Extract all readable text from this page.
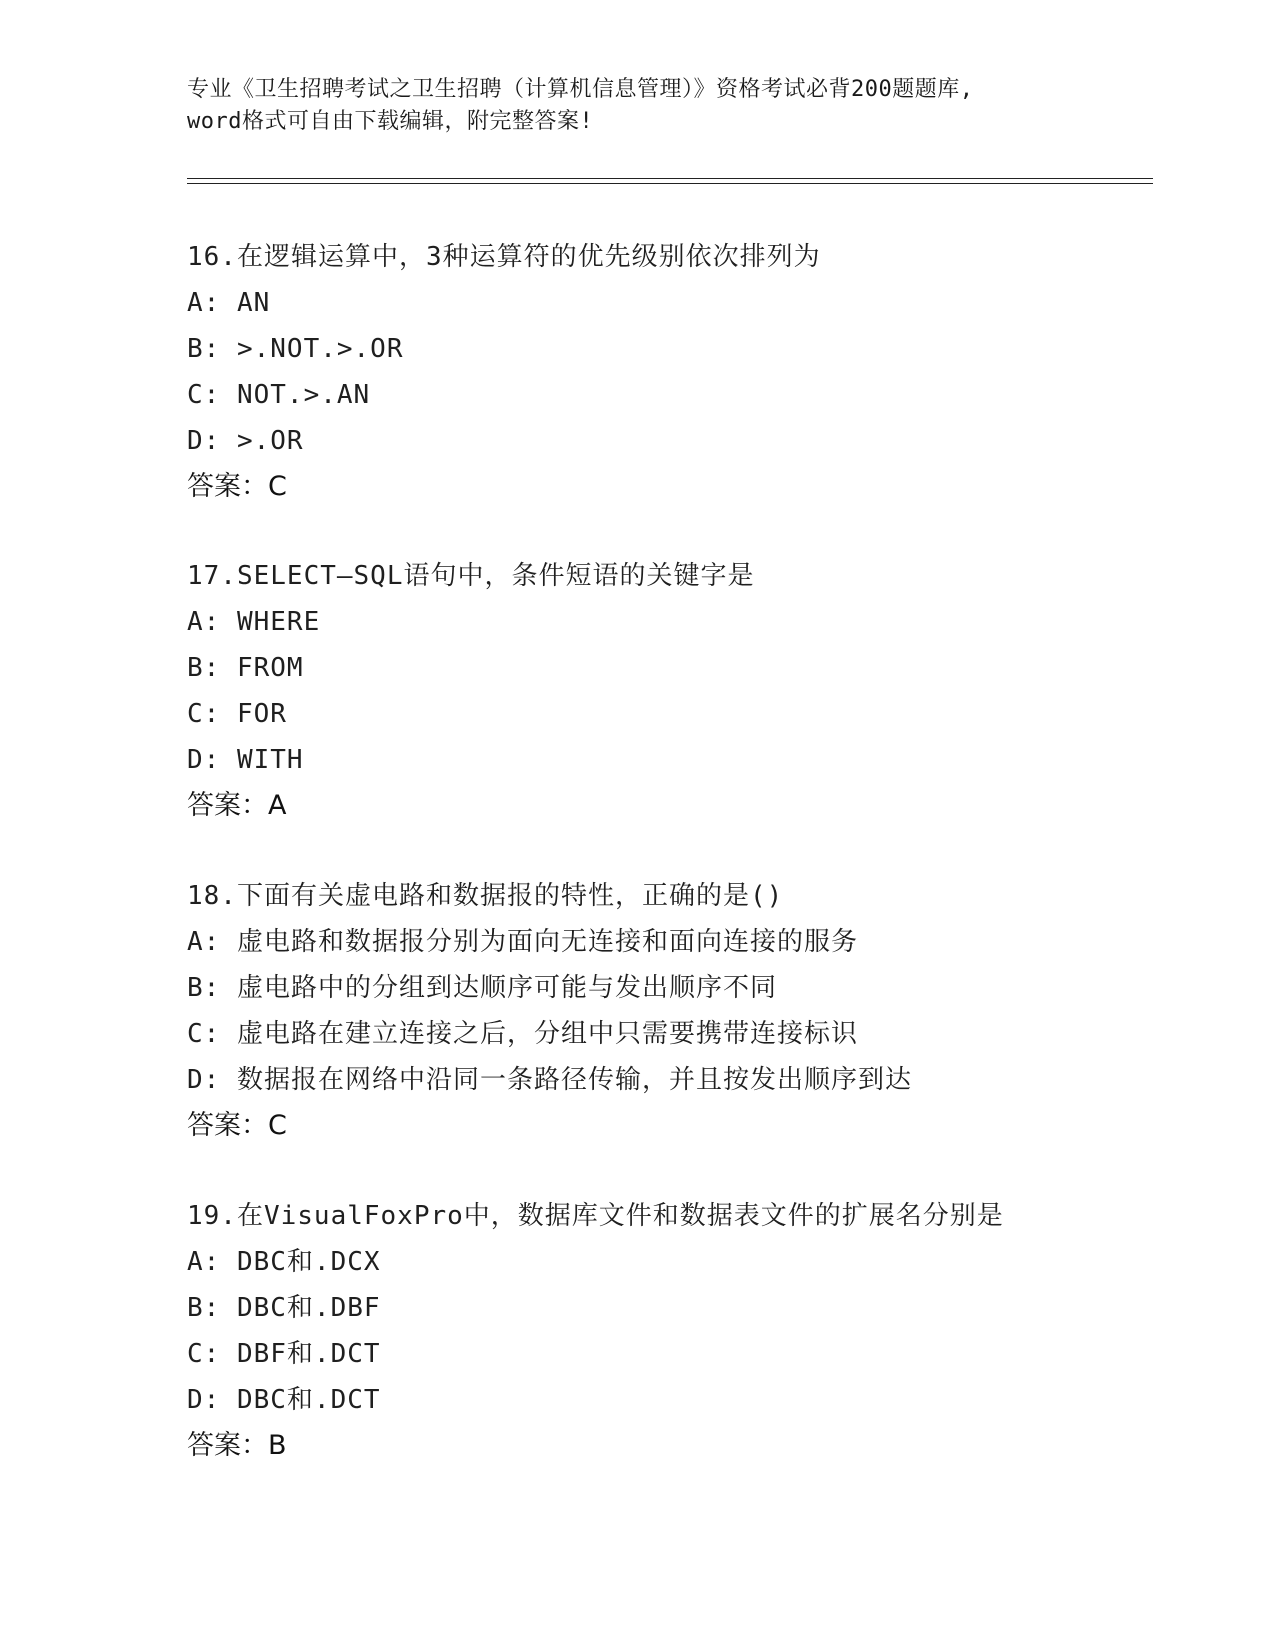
专业《卫生招聘考试之卫生招聘（计算机信息管理）》资格考试必背200题题库,
word格式可自由下载编辑，附完整答案!
16.在逻辑运算中，3种运算符的优先级别依次排列为
A: AN
B: >.NOT.>.OR
C: NOT.>.AN
D: >.OR
答案：C
17.SELECT—SQL语句中，条件短语的关键字是
A: WHERE
B: FROM
C: FOR
D: WITH
答案：A
18.下面有关虚电路和数据报的特性，正确的是()
A: 虚电路和数据报分别为面向无连接和面向连接的服务
B: 虚电路中的分组到达顺序可能与发出顺序不同
C: 虚电路在建立连接之后，分组中只需要携带连接标识
D: 数据报在网络中沿同一条路径传输，并且按发出顺序到达
答案：C
19.在VisualFoxPro中，数据库文件和数据表文件的扩展名分别是
A: DBC和.DCX
B: DBC和.DBF
C: DBF和.DCT
D: DBC和.DCT
答案：B
